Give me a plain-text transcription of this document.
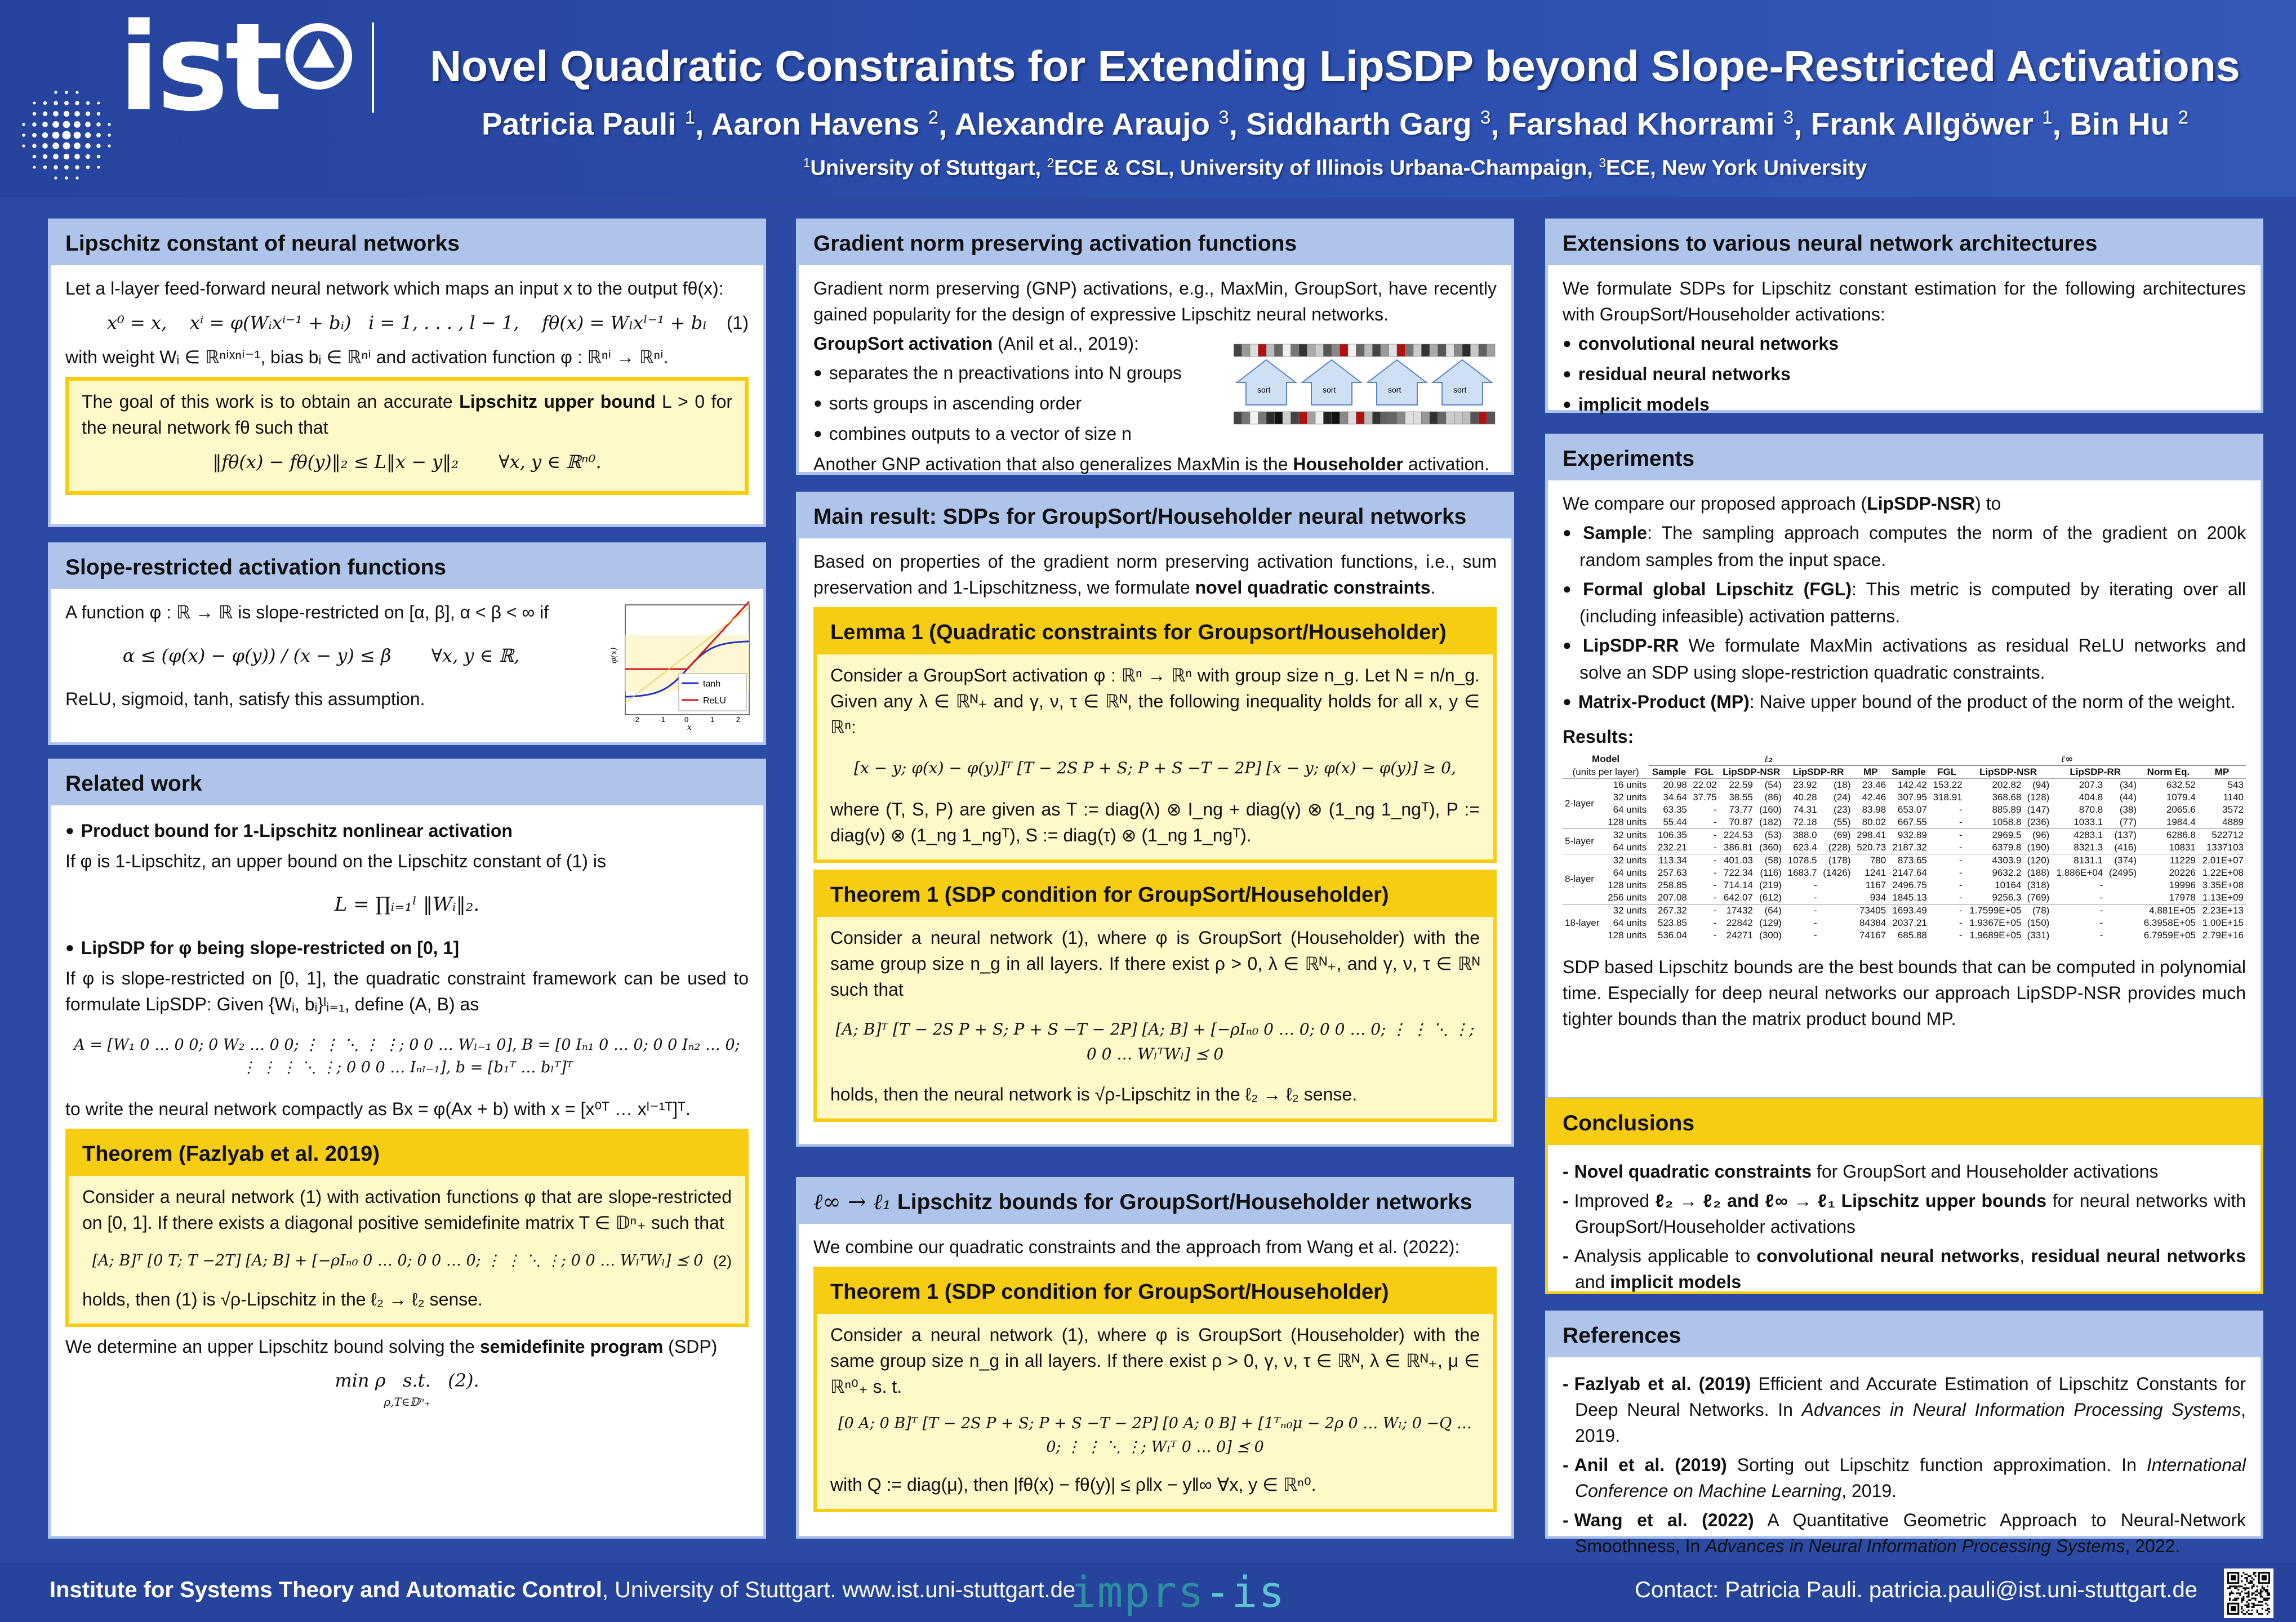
ist	Novel Quadratic Constraints for Extending LipSDP beyond Slope-Restricted Activations
Patricia Pauli $^1$, Aaron Havens $^2$, Alexandre Araujo $^3$, Siddharth Garg $^3$, Farshad Khorrami $^3$, Frank Allgöwer $^1$, Bin Hu $^2$
$^1$University of Stuttgart, $^2$ECE & CSL, University of Illinois Urbana-Champaign, $^3$ECE, New York University
Lipschitz constant of neural networks

Let a l-layer feed-forward neural network which maps an input x to the output fθ(x):

x⁰ = x,    xⁱ = φ(Wᵢxⁱ⁻¹ + bᵢ)   i = 1, . . . , l − 1,    fθ(x) = Wₗxˡ⁻¹ + bₗ (1)

with weight Wᵢ ∈ ℝⁿⁱˣⁿⁱ⁻¹, bias bᵢ ∈ ℝⁿⁱ and activation function φ : ℝⁿⁱ → ℝⁿⁱ.

The goal of this work is to obtain an accurate Lipschitz upper bound L > 0 for the neural network fθ such that

‖fθ(x) − fθ(y)‖₂ ≤ L‖x − y‖₂       ∀x, y ∈ ℝⁿ⁰.
Slope-restricted activation functions

A function φ : ℝ → ℝ is slope-restricted on [α, β], α < β < ∞ if

α ≤ (φ(x) − φ(y)) / (x − y) ≤ β       ∀x, y ∈ ℝ,

ReLU, sigmoid, tanh, satisfy this assumption.

tanh
ReLU
x
φ(x)
-2	-1	0	1	2
Related work

● Product bound for 1-Lipschitz nonlinear activation

If φ is 1-Lipschitz, an upper bound on the Lipschitz constant of (1) is

L = ∏ᵢ₌₁ˡ ‖Wᵢ‖₂.

● LipSDP for φ being slope-restricted on [0, 1]

If φ is slope-restricted on [0, 1], the quadratic constraint framework can be used to formulate LipSDP: Given {Wᵢ, bᵢ}ˡᵢ₌₁, define (A, B) as

A = [W₁ 0 … 0 0; 0 W₂ … 0 0; ⋮ ⋮ ⋱ ⋮ ⋮; 0 0 … Wₗ₋₁ 0], B = [0 Iₙ₁ 0 … 0; 0 0 Iₙ₂ … 0; ⋮ ⋮ ⋮ ⋱ ⋮; 0 0 0 … Iₙₗ₋₁], b = [b₁ᵀ … bₗᵀ]ᵀ

to write the neural network compactly as Bx = φ(Ax + b) with x = [x⁰ᵀ … xˡ⁻¹ᵀ]ᵀ.

Theorem (Fazlyab et al. 2019)

Consider a neural network (1) with activation functions φ that are slope-restricted on [0, 1]. If there exists a diagonal positive semidefinite matrix T ∈ 𝔻ⁿ₊ such that

[A; B]ᵀ [0 T; T −2T] [A; B] + [−ρIₙ₀ 0 … 0; 0 0 … 0; ⋮ ⋮ ⋱ ⋮; 0 0 … WₗᵀWₗ] ⪯ 0 (2)

holds, then (1) is √ρ-Lipschitz in the ℓ₂ → ℓ₂ sense.

We determine an upper Lipschitz bound solving the semidefinite program (SDP)

min ρ   s.t.   (2).
ρ,T∈𝔻ⁿ₊
Gradient norm preserving activation functions

Gradient norm preserving (GNP) activations, e.g., MaxMin, GroupSort, have recently gained popularity for the design of expressive Lipschitz neural networks.

GroupSort activation (Anil et al., 2019):

● separates the n preactivations into N groups

● sorts groups in ascending order

● combines outputs to a vector of size n

Another GNP activation that also generalizes MaxMin is the Householder activation.

sort	sort	sort	sort
Main result: SDPs for GroupSort/Householder neural networks

Based on properties of the gradient norm preserving activation functions, i.e., sum preservation and 1-Lipschitzness, we formulate novel quadratic constraints.

Lemma 1 (Quadratic constraints for Groupsort/Householder)

Consider a GroupSort activation φ : ℝⁿ → ℝⁿ with group size n_g. Let N = n/n_g. Given any λ ∈ ℝᴺ₊ and γ, ν, τ ∈ ℝᴺ, the following inequality holds for all x, y ∈ ℝⁿ:

[x − y; φ(x) − φ(y)]ᵀ [T − 2S P + S; P + S −T − 2P] [x − y; φ(x) − φ(y)] ≥ 0,

where (T, S, P) are given as T := diag(λ) ⊗ I_ng + diag(γ) ⊗ (1_ng 1_ngᵀ), P := diag(ν) ⊗ (1_ng 1_ngᵀ), S := diag(τ) ⊗ (1_ng 1_ngᵀ).

Theorem 1 (SDP condition for GroupSort/Householder)

Consider a neural network (1), where φ is GroupSort (Householder) with the same group size n_g in all layers. If there exist ρ > 0, λ ∈ ℝᴺ₊, and γ, ν, τ ∈ ℝᴺ such that

[A; B]ᵀ [T − 2S P + S; P + S −T − 2P] [A; B] + [−ρIₙ₀ 0 … 0; 0 0 … 0; ⋮ ⋮ ⋱ ⋮; 0 0 … WₗᵀWₗ] ⪯ 0

holds, then the neural network is √ρ-Lipschitz in the ℓ₂ → ℓ₂ sense.

ℓ∞ → ℓ₁ Lipschitz bounds for GroupSort/Householder networks

We combine our quadratic constraints and the approach from Wang et al. (2022):

Theorem 1 (SDP condition for GroupSort/Householder)

Consider a neural network (1), where φ is GroupSort (Householder) with the same group size n_g in all layers. If there exist ρ > 0, γ, ν, τ ∈ ℝᴺ, λ ∈ ℝᴺ₊, μ ∈ ℝⁿ⁰₊ s. t.

[0 A; 0 B]ᵀ [T − 2S P + S; P + S −T − 2P] [0 A; 0 B] + [1ᵀₙ₀μ − 2ρ 0 … Wₗ; 0 −Q … 0; ⋮ ⋮ ⋱ ⋮; Wₗᵀ 0 … 0] ⪯ 0

with Q := diag(μ), then |fθ(x) − fθ(y)| ≤ ρ‖x − y‖∞ ∀x, y ∈ ℝⁿ⁰.

Extensions to various neural network architectures

We formulate SDPs for Lipschitz constant estimation for the following architectures with GroupSort/Householder activations:

● convolutional neural networks

● residual neural networks

● implicit models

Experiments

We compare our proposed approach (LipSDP-NSR) to

● Sample: The sampling approach computes the norm of the gradient on 200k random samples from the input space.

● Formal global Lipschitz (FGL): This metric is computed by iterating over all (including infeasible) activation patterns.

● LipSDP-RR We formulate MaxMin activations as residual ReLU networks and solve an SDP using slope-restriction quadratic constraints.

● Matrix-Product (MP): Naive upper bound of the product of the norm of the weight.

Results:

Model		ℓ₂							ℓ∞							
(units per layer)		Sample	FGL	LipSDP-NSR		LipSDP-RR		MP	Sample	FGL	LipSDP-NSR		LipSDP-RR		Norm Eq.	MP
2-layer	16 units	20.98	22.02	22.59	(54)	23.92	(18)	23.46	142.42	153.22	202.82	(94)	207.3	(34)	632.52	543
	32 units	34.64	37.75	38.55	(86)	40.28	(24)	42.46	307.95	318.91	368.68	(128)	404.8	(44)	1079.4	1140
	64 units	63.35	-	73.77	(160)	74.31	(23)	83.98	653.07	-	885.89	(147)	870.8	(38)	2065.6	3572
	128 units	55.44	-	70.87	(182)	72.18	(55)	80.02	667.55	-	1058.8	(236)	1033.1	(77)	1984.4	4889
5-layer	32 units	106.35	-	224.53	(53)	388.0	(69)	298.41	932.89	-	2969.5	(96)	4283.1	(137)	6286.8	522712
	64 units	232.21	-	386.81	(360)	623.4	(228)	520.73	2187.32	-	6379.8	(190)	8321.3	(416)	10831	1337103
8-layer	32 units	113.34	-	401.03	(58)	1078.5	(178)	780	873.65	-	4303.9	(120)	8131.1	(374)	11229	2.01E+07
	64 units	257.63	-	722.34	(116)	1683.7	(1426)	1241	2147.64	-	9632.2	(188)	1.886E+04	(2495)	20226	1.22E+08
	128 units	258.85	-	714.14	(219)	-		1167	2496.75	-	10164	(318)	-		19996	3.35E+08
	256 units	207.08	-	642.07	(612)	-		934	1845.13	-	9256.3	(769)	-		17978	1.13E+09
18-layer	32 units	267.32	-	17432	(64)	-		73405	1693.49	-	1.7599E+05	(78)	-		4.881E+05	2.23E+13
	64 units	523.85	-	22842	(129)	-		84384	2037.21	-	1.9367E+05	(150)	-		6.3958E+05	1.00E+15
	128 units	536.04	-	24271	(300)	-		74167	685.88	-	1.9689E+05	(331)	-		6.7959E+05	2.79E+16

SDP based Lipschitz bounds are the best bounds that can be computed in polynomial time. Especially for deep neural networks our approach LipSDP-NSR provides much tighter bounds than the matrix product bound MP.

Conclusions

- Novel quadratic constraints for GroupSort and Householder activations

- Improved ℓ₂ → ℓ₂ and ℓ∞ → ℓ₁ Lipschitz upper bounds for neural networks with GroupSort/Householder activations

- Analysis applicable to convolutional neural networks, residual neural networks and implicit models

References

- Fazlyab et al. (2019) Efficient and Accurate Estimation of Lipschitz Constants for Deep Neural Networks. In Advances in Neural Information Processing Systems, 2019.

- Anil et al. (2019) Sorting out Lipschitz function approximation. In International Conference on Machine Learning, 2019.

- Wang et al. (2022) A Quantitative Geometric Approach to Neural-Network Smoothness, In Advances in Neural Information Processing Systems, 2022.

Institute for Systems Theory and Automatic Control, University of Stuttgart. www.ist.uni-stuttgart.de
imprs-is	Contact: Patricia Pauli. patricia.pauli@ist.uni-stuttgart.de
